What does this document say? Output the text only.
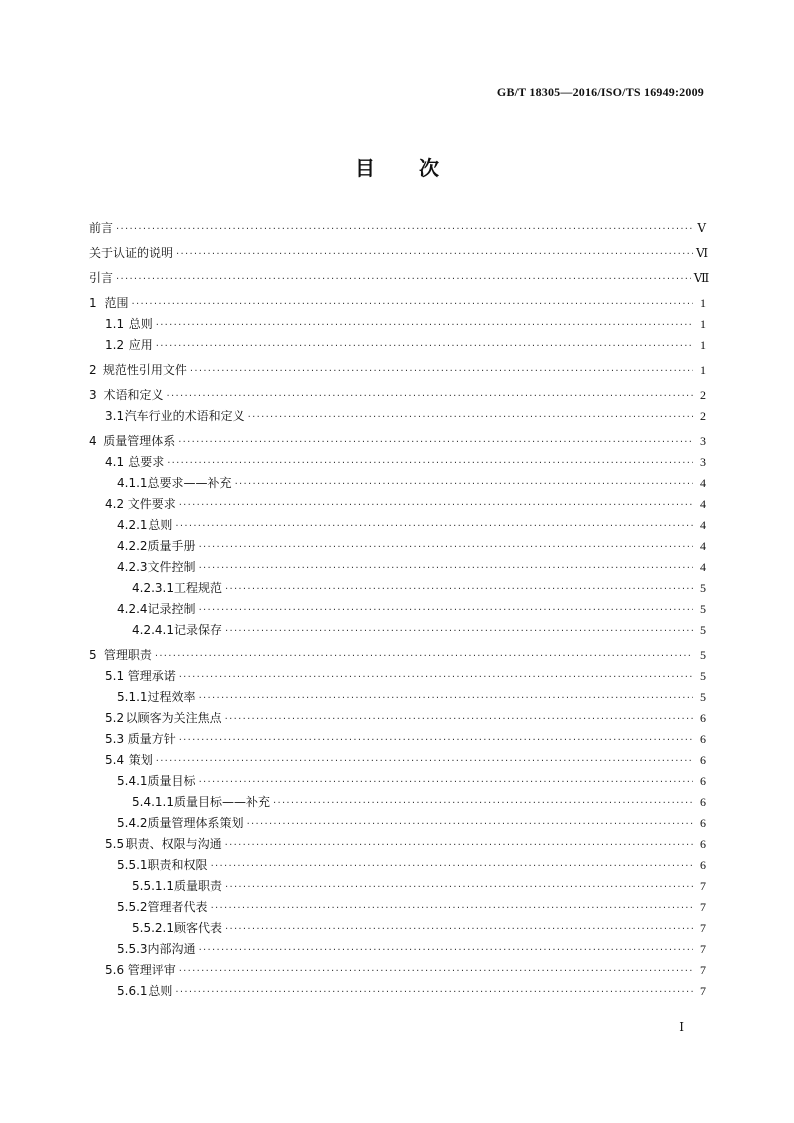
GB/T 18305—2016/ISO/TS 16949:2009
目 次
前言 ·····	Ⅴ
关于认证的说明 ·····	Ⅵ
引言 ·····	Ⅶ
1 范围 ·····	1
1.1 总则 ·····	1
1.2 应用 ·····	1
2 规范性引用文件 ·····	1
3 术语和定义 ·····	2
3.1 汽车行业的术语和定义 ·····	2
4 质量管理体系 ·····	3
4.1 总要求 ·····	3
4.1.1 总要求——补充 ·····	4
4.2 文件要求 ·····	4
4.2.1 总则 ·····	4
4.2.2 质量手册 ·····	4
4.2.3 文件控制 ·····	4
4.2.3.1 工程规范 ·····	5
4.2.4 记录控制 ·····	5
4.2.4.1 记录保存 ·····	5
5 管理职责 ·····	5
5.1 管理承诺 ·····	5
5.1.1 过程效率 ·····	5
5.2 以顾客为关注焦点 ·····	6
5.3 质量方针 ·····	6
5.4 策划 ·····	6
5.4.1 质量目标 ·····	6
5.4.1.1 质量目标——补充 ·····	6
5.4.2 质量管理体系策划 ·····	6
5.5 职责、权限与沟通 ·····	6
5.5.1 职责和权限 ·····	6
5.5.1.1 质量职责 ·····	7
5.5.2 管理者代表 ·····	7
5.5.2.1 顾客代表 ·····	7
5.5.3 内部沟通 ·····	7
5.6 管理评审 ·····	7
5.6.1 总则 ·····	7
Ⅰ
